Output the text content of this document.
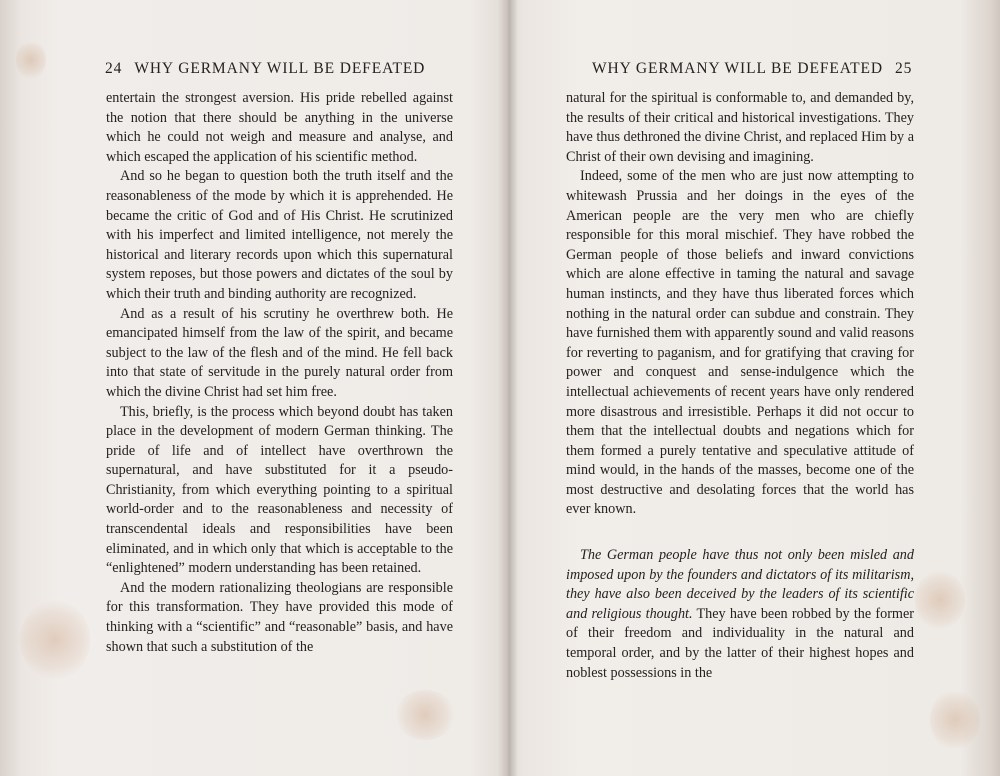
24 WHY GERMANY WILL BE DEFEATED

entertain the strongest aversion. His pride rebelled against the notion that there should be anything in the universe which he could not weigh and measure and analyse, and which escaped the application of his scientific method.

And so he began to question both the truth itself and the reasonableness of the mode by which it is apprehended. He became the critic of God and of His Christ. He scrutinized with his imperfect and limited intelligence, not merely the historical and literary records upon which this supernatural system reposes, but those powers and dictates of the soul by which their truth and binding authority are recognized.

And as a result of his scrutiny he overthrew both. He emancipated himself from the law of the spirit, and became subject to the law of the flesh and of the mind. He fell back into that state of servitude in the purely natural order from which the divine Christ had set him free.

This, briefly, is the process which beyond doubt has taken place in the development of modern German thinking. The pride of life and of intellect have overthrown the supernatural, and have substituted for it a pseudo-Christianity, from which everything pointing to a spiritual world-order and to the reasonableness and necessity of transcendental ideals and responsibilities have been eliminated, and in which only that which is acceptable to the “enlightened” modern understanding has been retained.

And the modern rationalizing theologians are responsible for this transformation. They have provided this mode of thinking with a “scientific” and “reasonable” basis, and have shown that such a substitution of the

WHY GERMANY WILL BE DEFEATED 25

natural for the spiritual is conformable to, and demanded by, the results of their critical and historical investigations. They have thus dethroned the divine Christ, and replaced Him by a Christ of their own devising and imagining.

Indeed, some of the men who are just now attempting to whitewash Prussia and her doings in the eyes of the American people are the very men who are chiefly responsible for this moral mischief. They have robbed the German people of those beliefs and inward convictions which are alone effective in taming the natural and savage human instincts, and they have thus liberated forces which nothing in the natural order can subdue and constrain. They have furnished them with apparently sound and valid reasons for reverting to paganism, and for gratifying that craving for power and conquest and sense-indulgence which the intellectual achievements of recent years have only rendered more disastrous and irresistible. Perhaps it did not occur to them that the intellectual doubts and negations which for them formed a purely tentative and speculative attitude of mind would, in the hands of the masses, become one of the most destructive and desolating forces that the world has ever known.

The German people have thus not only been misled and imposed upon by the founders and dictators of its militarism, they have also been deceived by the leaders of its scientific and religious thought. They have been robbed by the former of their freedom and individuality in the natural and temporal order, and by the latter of their highest hopes and noblest possessions in the
